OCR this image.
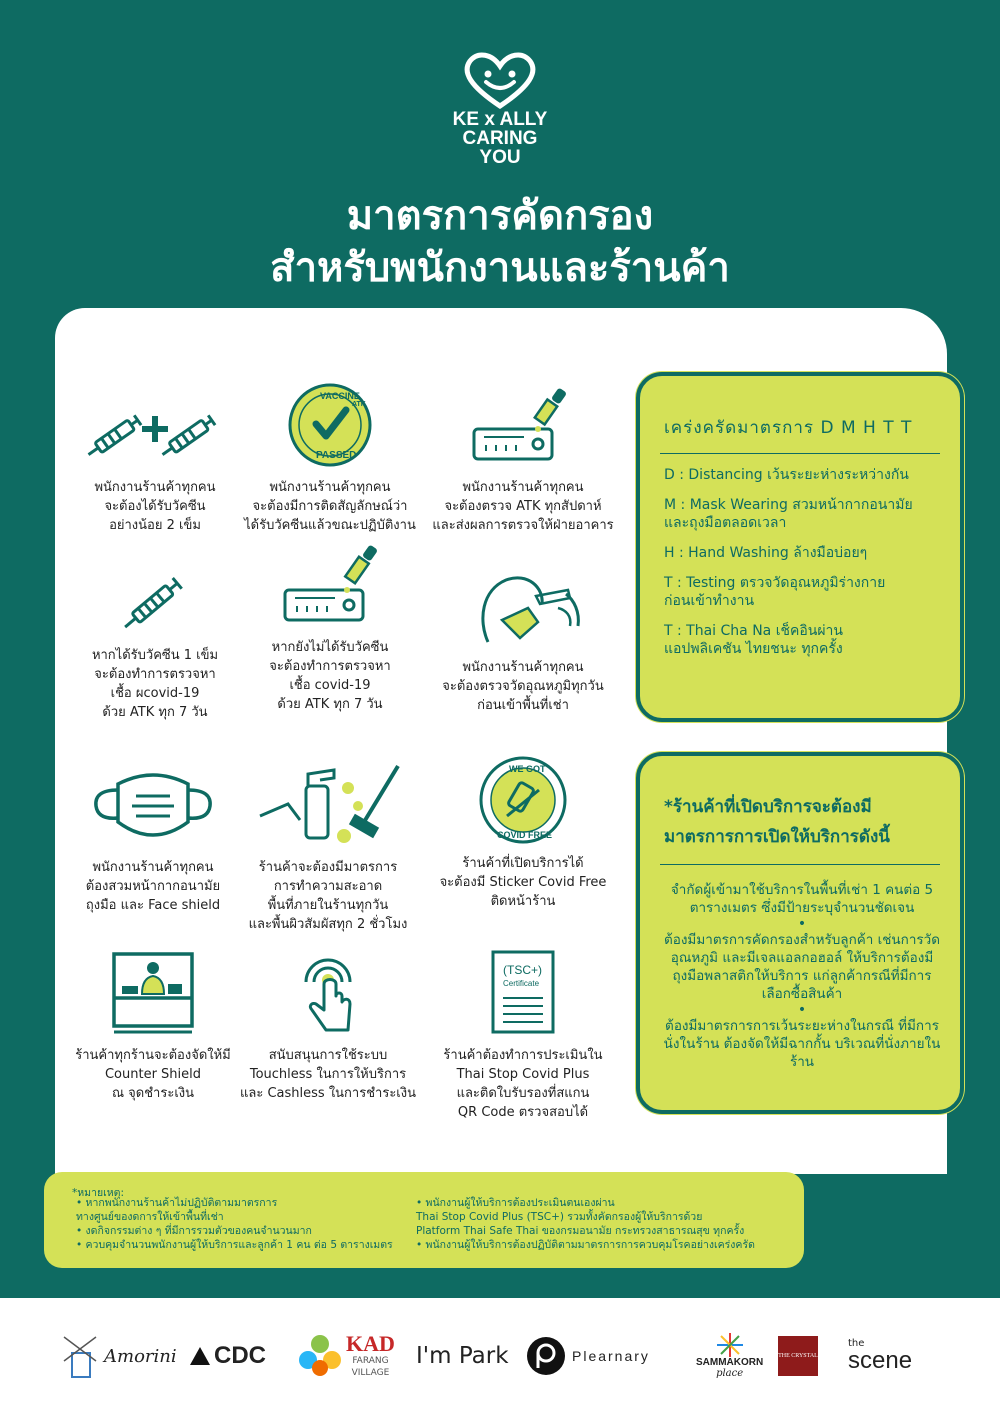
KE x ALLY
CARING
YOU
มาตรการคัดกรอง
สำหรับพนักงานและร้านค้า
พนักงานร้านค้าทุกคน
จะต้องได้รับวัคซีน
อย่างน้อย 2 เข็ม
VACCINE
ATK
PASSED
พนักงานร้านค้าทุกคน
จะต้องมีการติดสัญลักษณ์ว่า
ได้รับวัคซีนแล้วขณะปฏิบัติงาน
พนักงานร้านค้าทุกคน
จะต้องตรวจ ATK ทุกสัปดาห์
และส่งผลการตรวจให้ฝ่ายอาคาร
หากได้รับวัคซีน 1 เข็ม
จะต้องทำการตรวจหา
เชื้อ ผcovid-19
ด้วย ATK ทุก 7 วัน
หากยังไม่ได้รับวัคซีน
จะต้องทำการตรวจหา
เชื้อ covid-19
ด้วย ATK ทุก 7 วัน
พนักงานร้านค้าทุกคน
จะต้องตรวจวัดอุณหภูมิทุกวัน
ก่อนเข้าพื้นที่เช่า
พนักงานร้านค้าทุกคน
ต้องสวมหน้ากากอนามัย
ถุงมือ และ Face shield
ร้านค้าจะต้องมีมาตรการ
การทำความสะอาด
พื้นที่ภายในร้านทุกวัน
และพื้นผิวสัมผัสทุก 2 ชั่วโมง
WE GOT
COVID FREE
ร้านค้าที่เปิดบริการได้
จะต้องมี Sticker Covid Free
ติดหน้าร้าน
ร้านค้าทุกร้านจะต้องจัดให้มี
Counter Shield
ณ จุดชำระเงิน
สนับสนุนการใช้ระบบ
Touchless ในการให้บริการ
และ Cashless ในการชำระเงิน
(TSC+)
Certificate
ร้านค้าต้องทำการประเมินใน
Thai Stop Covid Plus
และติดใบรับรองที่สแกน
QR Code ตรวจสอบได้
เคร่งครัดมาตรการ D M H T T
D : Distancing เว้นระยะห่างระหว่างกัน
M : Mask Wearing สวมหน้ากากอนามัย
และถุงมือตลอดเวลา
H : Hand Washing ล้างมือบ่อยๆ
T : Testing ตรวจวัดอุณหภูมิร่างกาย
ก่อนเข้าทำงาน
T : Thai Cha Na เช็คอินผ่าน
แอปพลิเคชัน ไทยชนะ ทุกครั้ง
*ร้านค้าที่เปิดบริการจะต้องมี
มาตรการการเปิดให้บริการดังนี้
จำกัดผู้เข้ามาใช้บริการในพื้นที่เช่า 1 คนต่อ 5 ตารางเมตร ซึ่งมีป้ายระบุจำนวนชัดเจน
•
ต้องมีมาตรการคัดกรองสำหรับลูกค้า เช่นการวัดอุณหภูมิ และมีเจลแอลกอฮอล์ ให้บริการต้องมีถุงมือพลาสติกให้บริการ แก่ลูกค้ากรณีที่มีการเลือกซื้อสินค้า
•
ต้องมีมาตรการการเว้นระยะห่างในกรณี ที่มีการนั่งในร้าน ต้องจัดให้มีฉากกั้น บริเวณที่นั่งภายในร้าน
*หมายเหตุ:

• หากพนักงานร้านค้าไม่ปฏิบัติตามมาตรการ

ทางศูนย์ของดการให้เข้าพื้นที่เช่า

• งดกิจกรรมต่าง ๆ ที่มีการรวมตัวของคนจำนวนมาก

• ควบคุมจำนวนพนักงานผู้ให้บริการและลูกค้า 1 คน ต่อ 5 ตารางเมตร

• พนักงานผู้ให้บริการต้องประเมินตนเองผ่าน

Thai Stop Covid Plus (TSC+) รวมทั้งคัดกรองผู้ให้บริการด้วย

Platform Thai Safe Thai ของกรมอนามัย กระทรวงสาธารณสุข ทุกครั้ง

• พนักงานผู้ให้บริการต้องปฏิบัติตามมาตรการการควบคุมโรคอย่างเคร่งครัด

Amorini CDC	KAD
FARANG
VILLAGE
I'm Park	Plearnary	SAMMAKORN
place
THE CRYSTAL
the
scene
